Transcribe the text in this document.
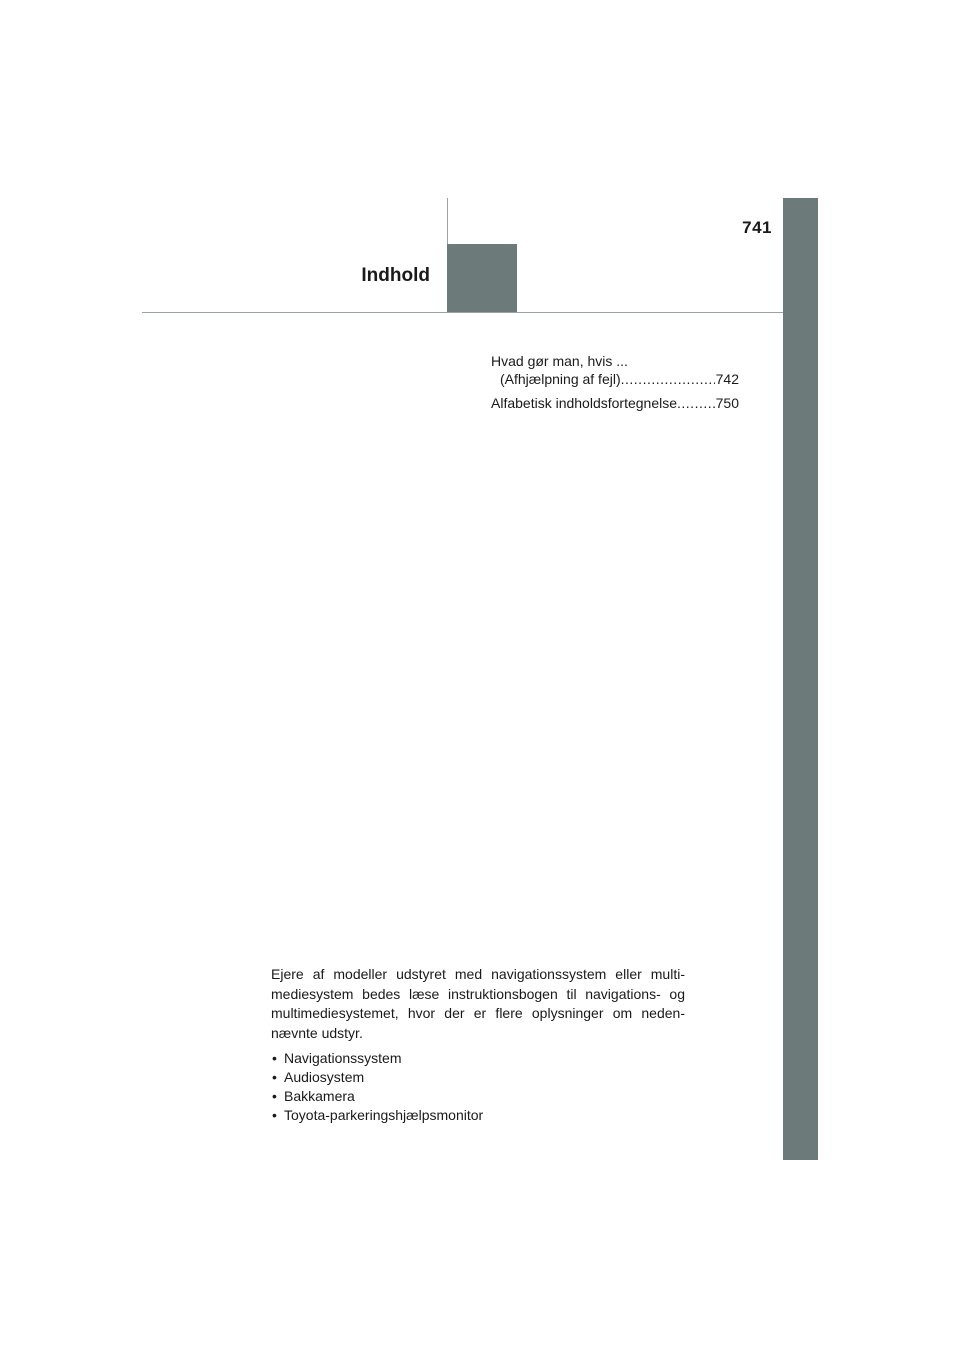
741
Indhold
Hvad gør man, hvis ...
(Afhjælpning af fejl) .....	742
Alfabetisk indholdsfortegnelse .....	750

Ejere af modeller udstyret med navigationssystem eller multi- mediesystem bedes læse instruktionsbogen til navigations- og multimediesystemet, hvor der er flere oplysninger om neden- nævnte udstyr.

• Navigationssystem
• Audiosystem
• Bakkamera
• Toyota-parkeringshjælpsmonitor
